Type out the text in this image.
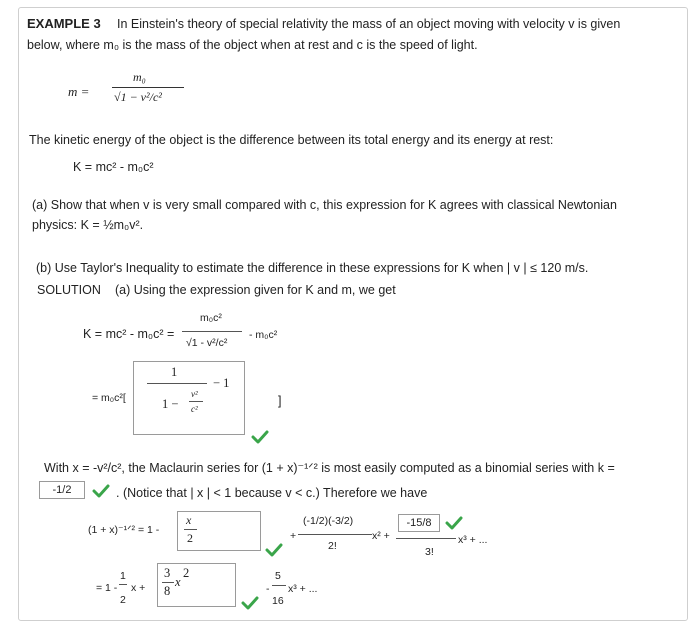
EXAMPLE 3 In Einstein's theory of special relativity the mass of an object moving with velocity v is given
below, where m₀ is the mass of the object when at rest and c is the speed of light.
m =
m₀
√1 − v²/c²
The kinetic energy of the object is the difference between its total energy and its energy at rest:
K = mc² - m₀c²
(a) Show that when v is very small compared with c, this expression for K agrees with classical Newtonian
physics: K = ½m₀v².
(b) Use Taylor's Inequality to estimate the difference in these expressions for K when | v | ≤ 120 m/s.
SOLUTION (a) Using the expression given for K and m, we get
K = mc² - m₀c² =
m₀c²
√1 - v²/c²
- m₀c²
= m₀c²[
1
1 −
v²
c²
− 1
]
With x = -v²/c², the Maclaurin series for (1 + x)⁻¹ᐟ² is most easily computed as a binomial series with k =
-1/2	. (Notice that | x | < 1 because v < c.) Therefore we have
(1 + x)⁻¹ᐟ² = 1 -
x
2	+
(-1/2)(-3/2)
2!
x² +
-15/8
3!
x³ + ...
= 1 -
1
2
x +
3
8
x
2
-
5
16
x³ + ...
